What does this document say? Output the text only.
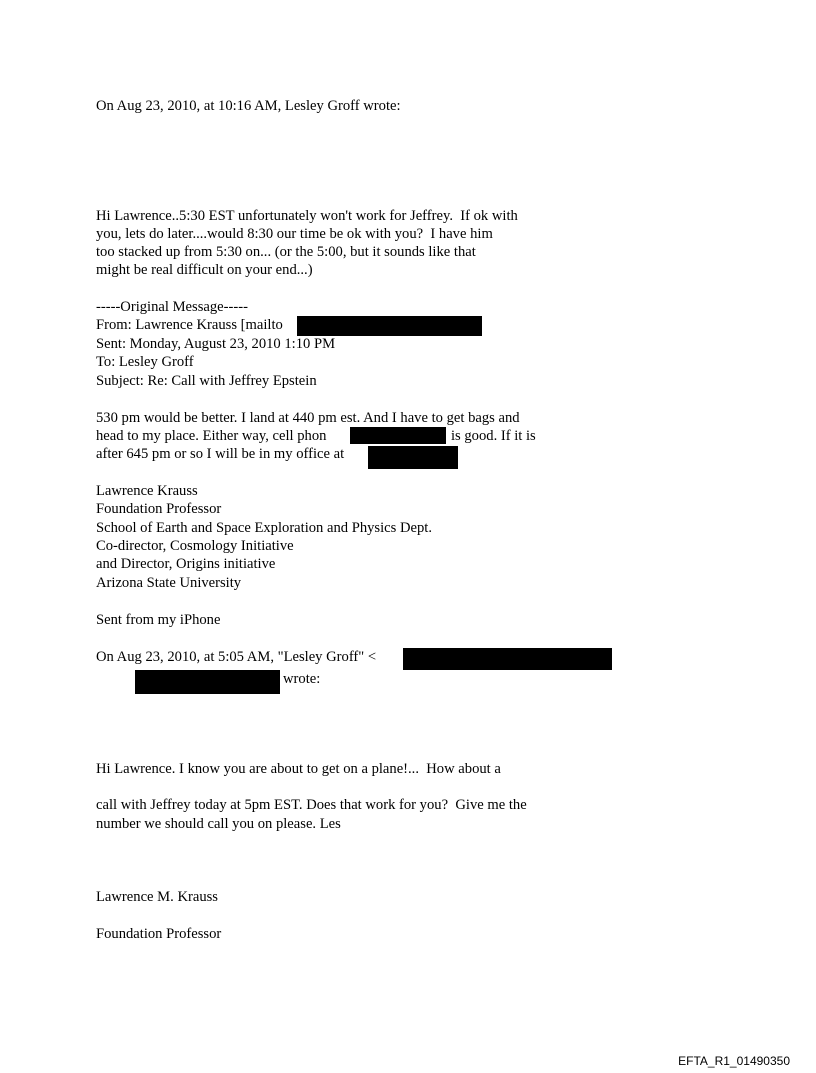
On Aug 23, 2010, at 10:16 AM, Lesley Groff wrote:
Hi Lawrence..5:30 EST unfortunately won't work for Jeffrey.  If ok with
you, lets do later....would 8:30 our time be ok with you?  I have him
too stacked up from 5:30 on... (or the 5:00, but it sounds like that
might be real difficult on your end...)
-----Original Message-----
From: Lawrence Krauss [mailto
Sent: Monday, August 23, 2010 1:10 PM
To: Lesley Groff
Subject: Re: Call with Jeffrey Epstein
530 pm would be better. I land at 440 pm est. And I have to get bags and
head to my place. Either way, cell phon	is good. If it is
after 645 pm or so I will be in my office at
Lawrence Krauss
Foundation Professor
School of Earth and Space Exploration and Physics Dept.
Co-director, Cosmology Initiative
and Director, Origins initiative
Arizona State University
Sent from my iPhone
On Aug 23, 2010, at 5:05 AM, "Lesley Groff" <
wrote:
Hi Lawrence. I know you are about to get on a plane!...  How about a
call with Jeffrey today at 5pm EST. Does that work for you?  Give me the
number we should call you on please. Les
Lawrence M. Krauss
Foundation Professor
EFTA_R1_01490350
